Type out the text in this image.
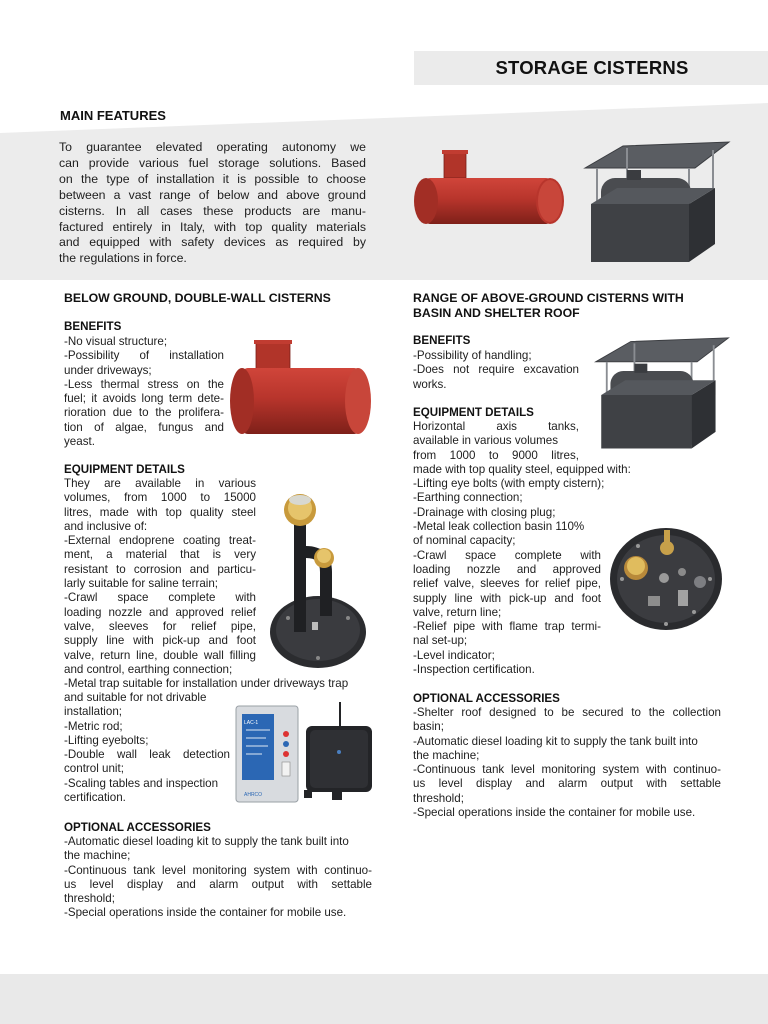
STORAGE CISTERNS
MAIN FEATURES

To guarantee elevated operating autonomy we

can provide various fuel storage solutions. Based

on the type of installation it is possible to choose

between a vast range of below and above ground

cisterns. In all cases these products are manu-

factured entirely in Italy, with top quality materials

and equipped with safety devices as required by

the regulations in force.

BELOW GROUND, DOUBLE-WALL CISTERNS
BENEFITS

-No visual structure;

-Possibility of installation

under driveways;

-Less thermal stress on the

fuel; it avoids long term dete-

rioration due to the prolifera-

tion of algae, fungus and

yeast.

EQUIPMENT DETAILS

They are available in various

volumes, from 1000 to 15000

litres, made with top quality steel

and inclusive of:

-External endoprene coating treat-

ment, a material that is very

resistant to corrosion and particu-

larly suitable for saline terrain;

-Crawl space complete with

loading nozzle and approved relief

valve, sleeves for relief pipe,

supply line with pick-up and foot

valve, return line, double wall filling

and control, earthing connection;

-Metal trap suitable for installation under driveways trap

and suitable for not drivable

installation;

-Metric rod;

-Lifting eyebolts;

-Double wall leak detection

control unit;

-Scaling tables and inspection

certification.

LAC-1
AHRCO
OPTIONAL ACCESSORIES

-Automatic diesel loading kit to supply the tank built into

the machine;

-Continuous tank level monitoring system with continuo-

us level display and alarm output with settable

threshold;

-Special operations inside the container for mobile use.

RANGE OF ABOVE-GROUND CISTERNS WITH

BASIN AND SHELTER ROOF

BENEFITS

-Possibility of handling;

-Does not require excavation

works.

EQUIPMENT DETAILS

Horizontal axis tanks,

available in various volumes

from 1000 to 9000 litres,

made with top quality steel, equipped with:

-Lifting eye bolts (with empty cistern);

-Earthing connection;

-Drainage with closing plug;

-Metal leak collection basin 110%

of nominal capacity;

-Crawl space complete with

loading nozzle and approved

relief valve, sleeves for relief pipe,

supply line with pick-up and foot

valve, return line;

-Relief pipe with flame trap termi-

nal set-up;

-Level indicator;

-Inspection certification.

OPTIONAL ACCESSORIES

-Shelter roof designed to be secured to the collection

basin;

-Automatic diesel loading kit to supply the tank built into

the machine;

-Continuous tank level monitoring system with continuo-

us level display and alarm output with settable

threshold;

-Special operations inside the container for mobile use.
